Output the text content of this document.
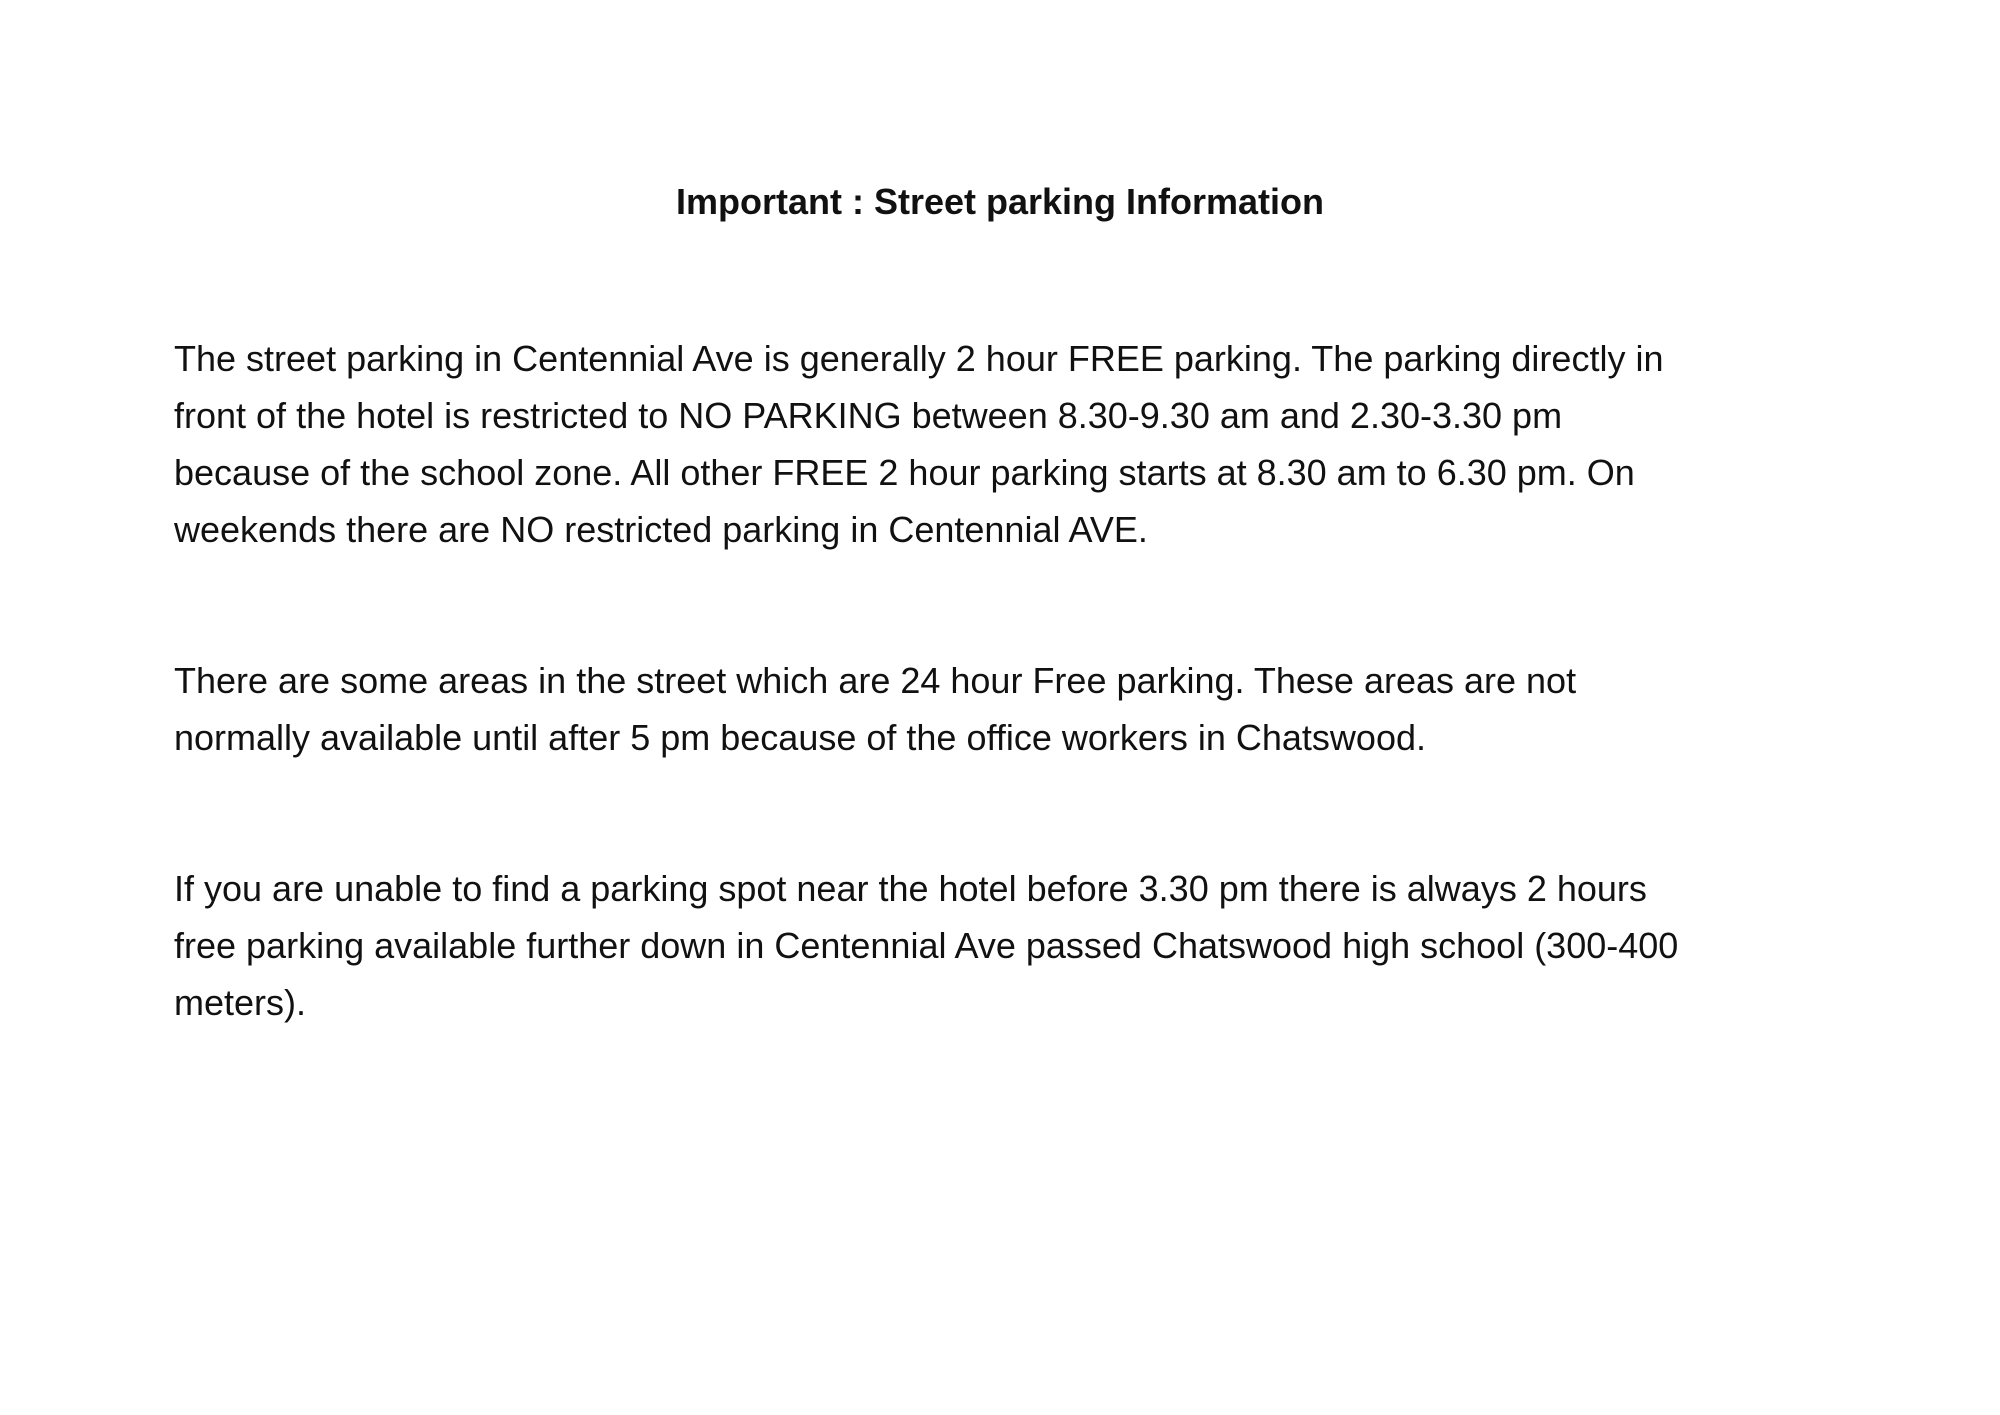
Important : Street parking Information

The street parking in Centennial Ave is generally 2 hour FREE parking. The parking directly in
front of the hotel is restricted to NO PARKING between 8.30-9.30 am and 2.30-3.30 pm
because of the school zone. All other FREE 2 hour parking starts at 8.30 am to 6.30 pm. On
weekends there are NO restricted parking in Centennial AVE.

There are some areas in the street which are 24 hour Free parking. These areas are not
normally available until after 5 pm because of the office workers in Chatswood.

If you are unable to find a parking spot near the hotel before 3.30 pm there is always 2 hours
free parking available further down in Centennial Ave passed Chatswood high school (300-400
meters).
